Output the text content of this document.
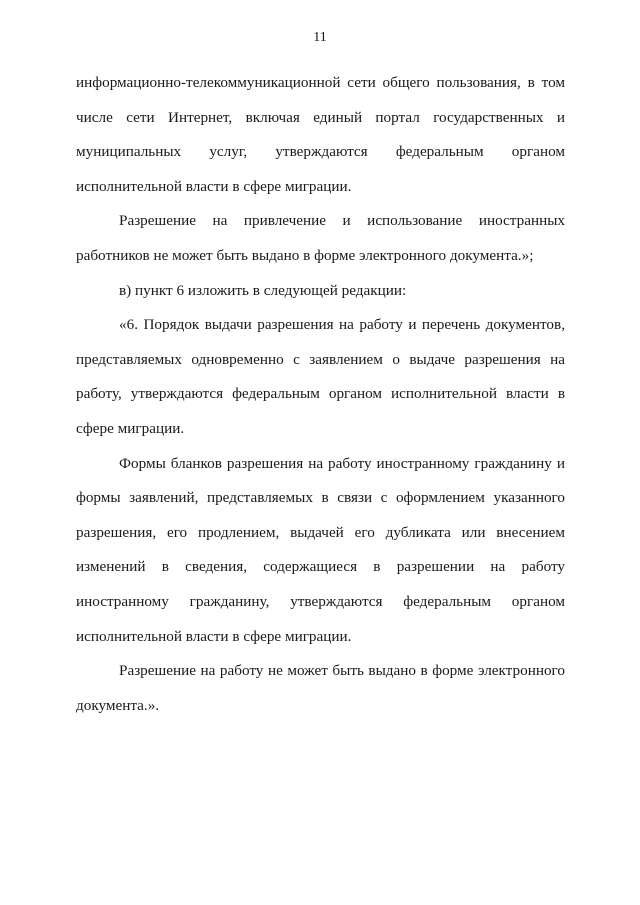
11

информационно-телекоммуникационной сети общего пользования, в том числе сети Интернет, включая единый портал государственных и муниципальных услуг, утверждаются федеральным органом исполнительной власти в сфере миграции.

Разрешение на привлечение и использование иностранных работников не может быть выдано в форме электронного документа.»;

в) пункт 6 изложить в следующей редакции:

«6. Порядок выдачи разрешения на работу и перечень документов, представляемых одновременно с заявлением о выдаче разрешения на работу, утверждаются федеральным органом исполнительной власти в сфере миграции.

Формы бланков разрешения на работу иностранному гражданину и формы заявлений, представляемых в связи с оформлением указанного разрешения, его продлением, выдачей его дубликата или внесением изменений в сведения, содержащиеся в разрешении на работу иностранному гражданину, утверждаются федеральным органом исполнительной власти в сфере миграции.

Разрешение на работу не может быть выдано в форме электронного документа.».
